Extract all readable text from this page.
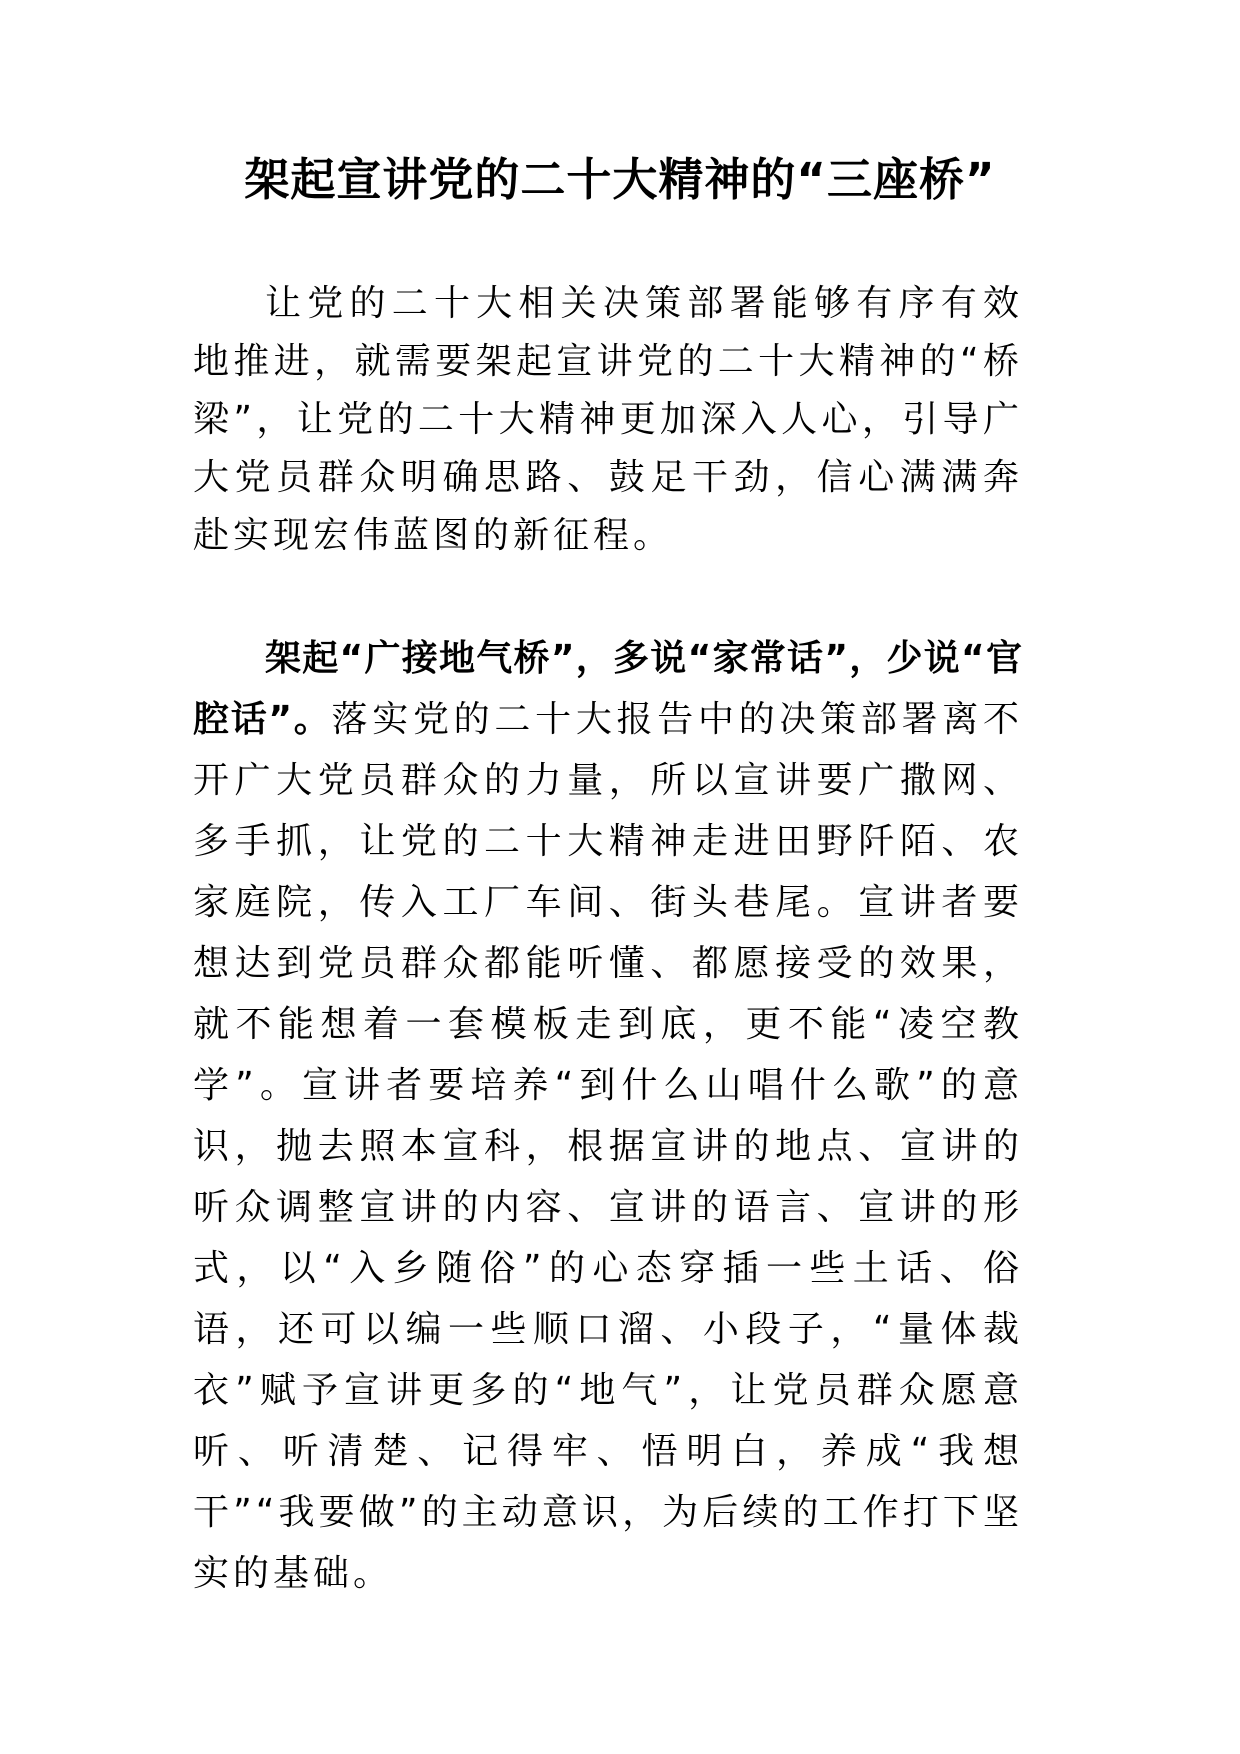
架起宣讲党的二十大精神的“三座桥”

让党的二十大相关决策部署能够有序有效地推进，就需要架起宣讲党的二十大精神的“桥梁”，让党的二十大精神更加深入人心，引导广大党员群众明确思路、鼓足干劲，信心满满奔赴实现宏伟蓝图的新征程。

架起“广接地气桥”，多说“家常话”，少说“官腔话”。落实党的二十大报告中的决策部署离不开广大党员群众的力量，所以宣讲要广撒网、多手抓，让党的二十大精神走进田野阡陌、农家庭院，传入工厂车间、街头巷尾。宣讲者要想达到党员群众都能听懂、都愿接受的效果，就不能想着一套模板走到底，更不能“凌空教学”。宣讲者要培养“到什么山唱什么歌”的意识，抛去照本宣科，根据宣讲的地点、宣讲的听众调整宣讲的内容、宣讲的语言、宣讲的形式，以“入乡随俗”的心态穿插一些土话、俗语，还可以编一些顺口溜、小段子，“量体裁衣”赋予宣讲更多的“地气”，让党员群众愿意听、听清楚、记得牢、悟明白，养成“我想干”“我要做”的主动意识，为后续的工作打下坚实的基础。
